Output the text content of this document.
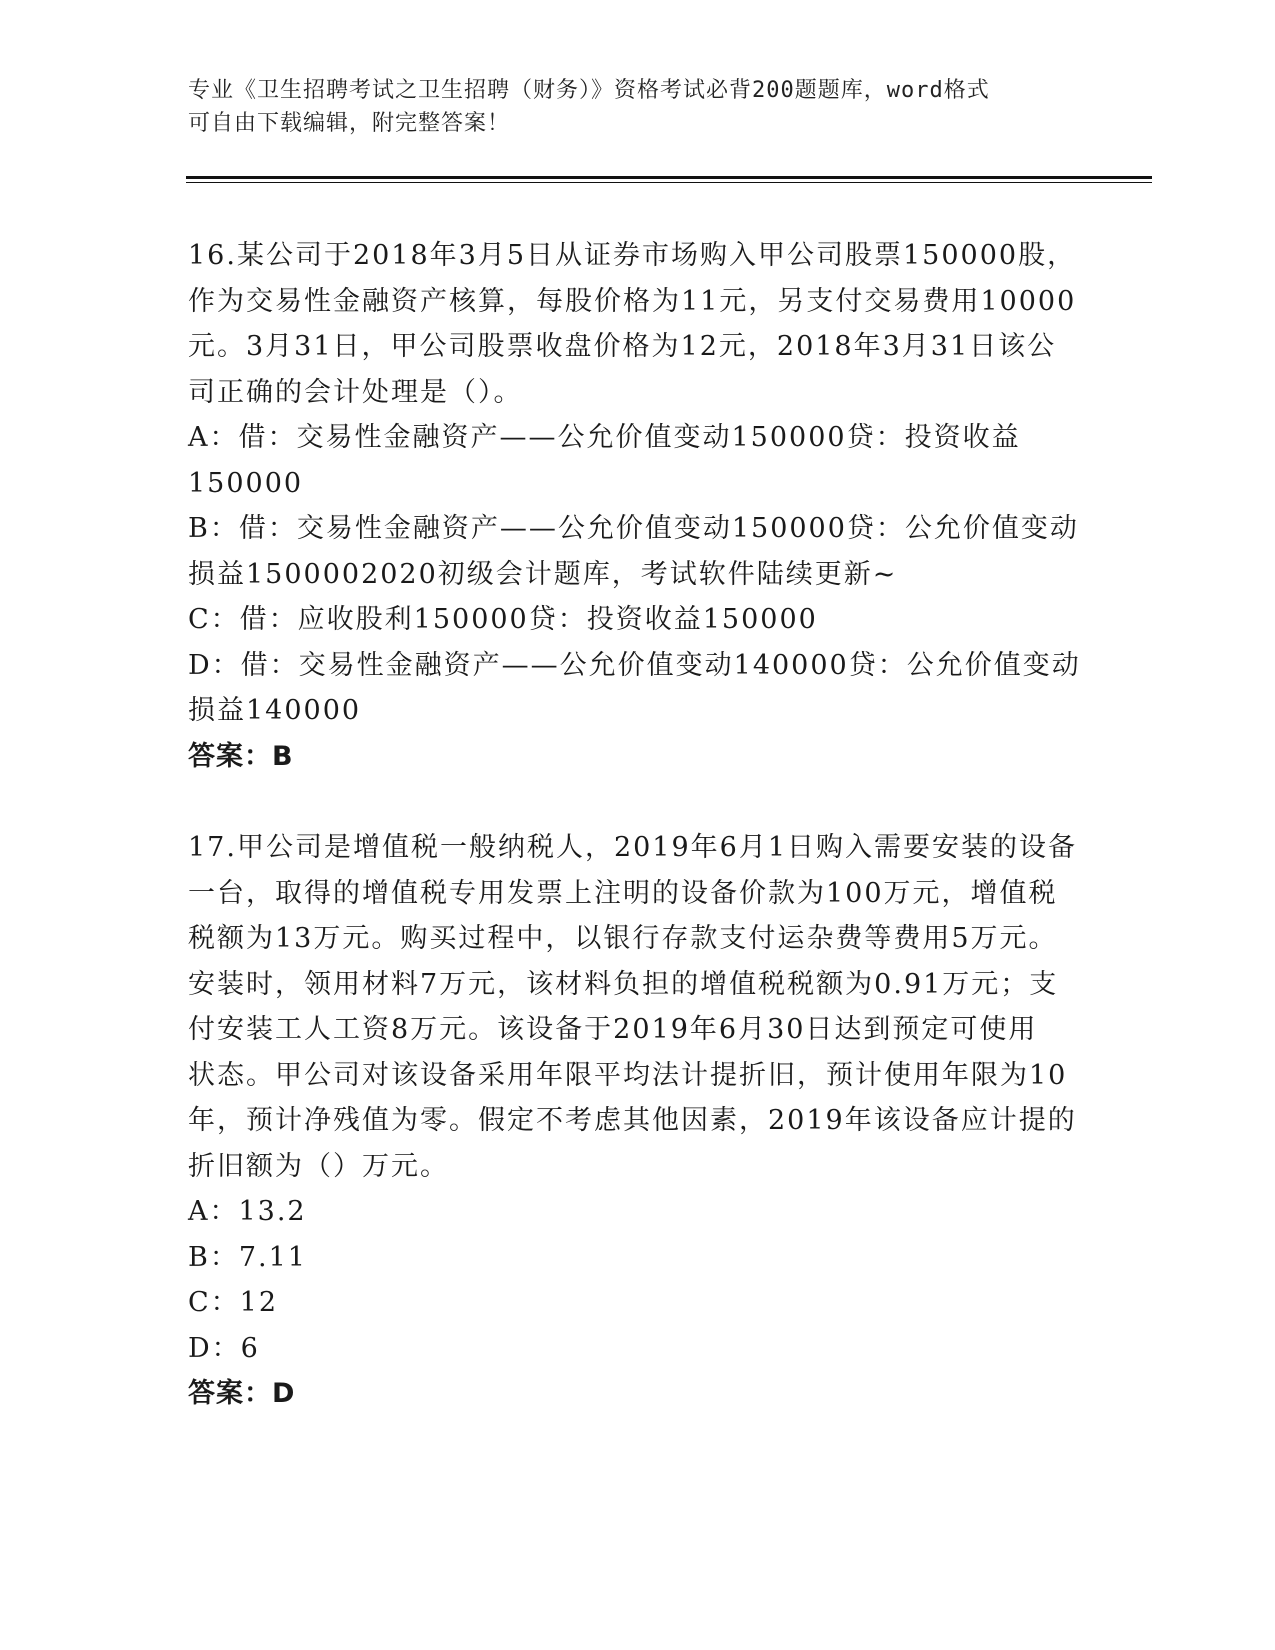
专业《卫生招聘考试之卫生招聘（财务）》资格考试必背200题题库，word格式
可自由下载编辑，附完整答案！
16.某公司于2018年3月5日从证券市场购入甲公司股票150000股，
作为交易性金融资产核算，每股价格为11元，另支付交易费用10000
元。3月31日，甲公司股票收盘价格为12元，2018年3月31日该公
司正确的会计处理是（）。
A：借：交易性金融资产——公允价值变动150000贷：投资收益
150000
B：借：交易性金融资产——公允价值变动150000贷：公允价值变动
损益1500002020初级会计题库，考试软件陆续更新~
C：借：应收股利150000贷：投资收益150000
D：借：交易性金融资产——公允价值变动140000贷：公允价值变动
损益140000
答案：B
17.甲公司是增值税一般纳税人，2019年6月1日购入需要安装的设备
一台，取得的增值税专用发票上注明的设备价款为100万元，增值税
税额为13万元。购买过程中，以银行存款支付运杂费等费用5万元。
安装时，领用材料7万元，该材料负担的增值税税额为0.91万元；支
付安装工人工资8万元。该设备于2019年6月30日达到预定可使用
状态。甲公司对该设备采用年限平均法计提折旧，预计使用年限为10
年，预计净残值为零。假定不考虑其他因素，2019年该设备应计提的
折旧额为（）万元。
A：13.2
B：7.11
C：12
D：6
答案：D
